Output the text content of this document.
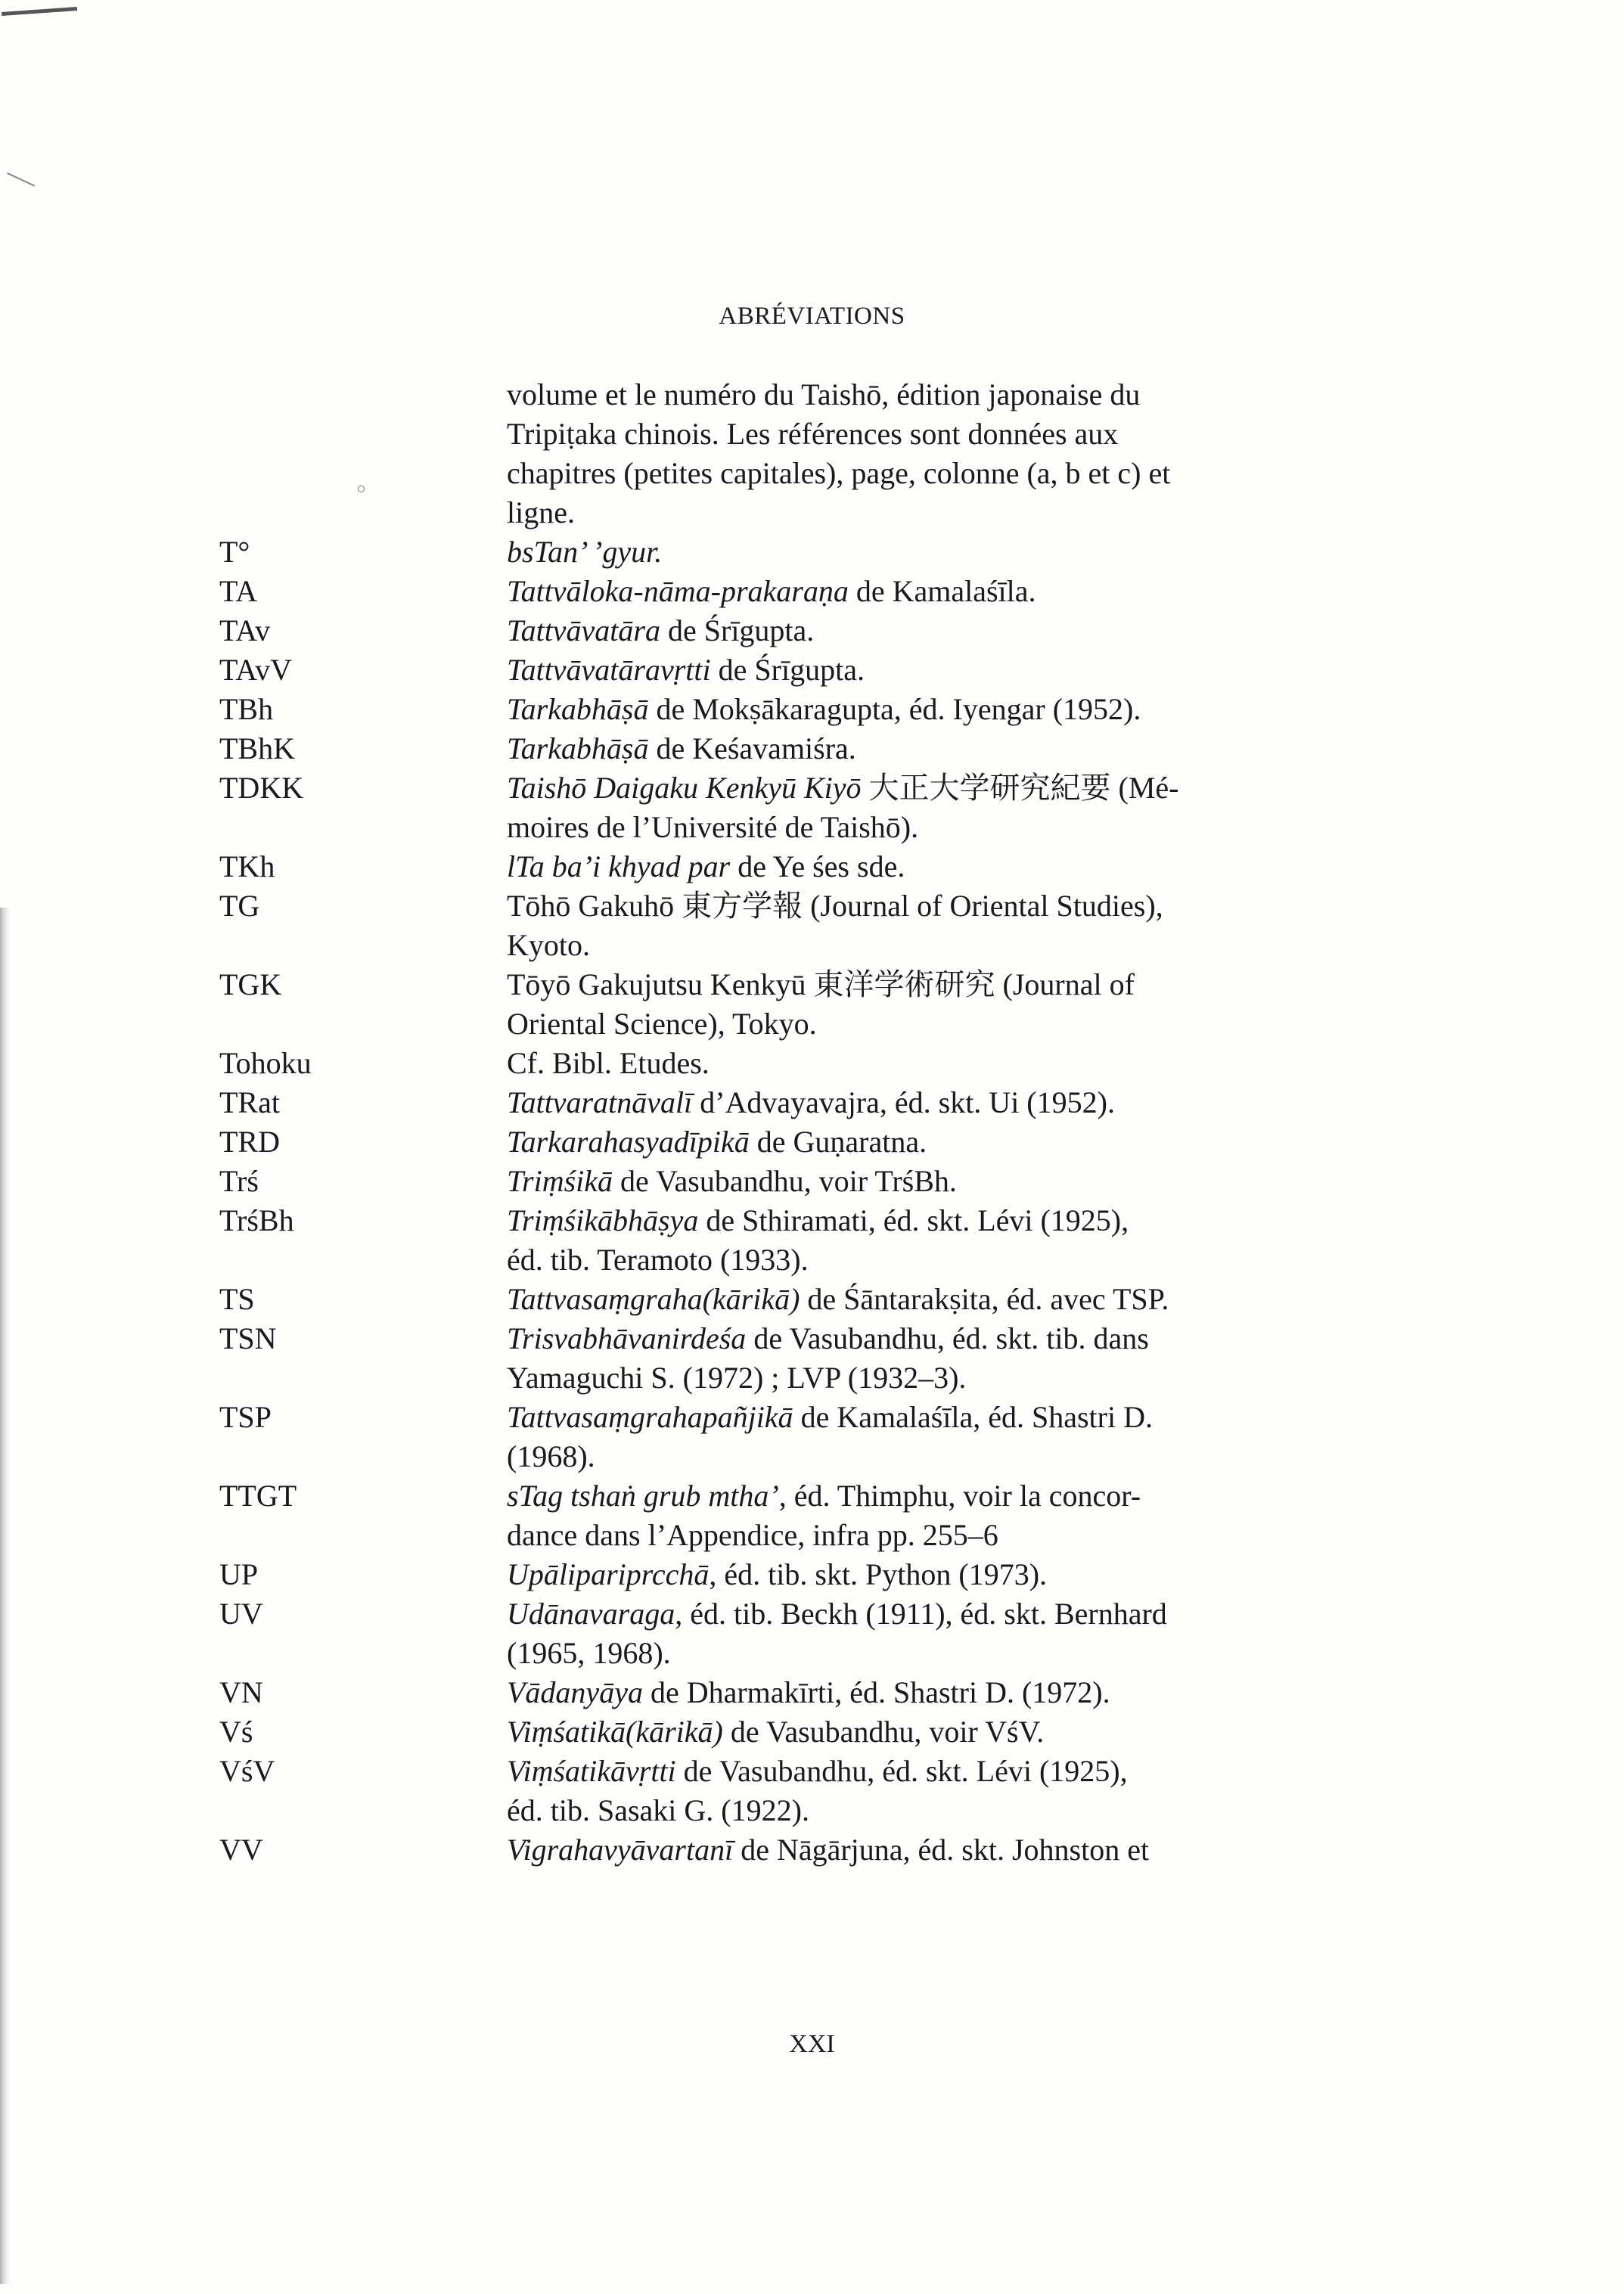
ABRÉVIATIONS
volume et le numéro du Taishō, édition japonaise du
Tripiṭaka chinois. Les références sont données aux
chapitres (petites capitales), page, colonne (a, b et c) et
ligne.
T°	bsTan’ ’gyur.
TA	Tattvāloka-nāma-prakaraṇa de Kamalaśīla.
TAv	Tattvāvatāra de Śrīgupta.
TAvV	Tattvāvatāravṛtti de Śrīgupta.
TBh	Tarkabhāṣā de Mokṣākaragupta, éd. Iyengar (1952).
TBhK	Tarkabhāṣā de Keśavamiśra.
TDKK	Taishō Daigaku Kenkyū Kiyō 大正大学研究紀要 (Mé-
moires de l’Université de Taishō).
TKh	lTa ba’i khyad par de Ye śes sde.
TG	Tōhō Gakuhō 東方学報 (Journal of Oriental Studies),
Kyoto.
TGK	Tōyō Gakujutsu Kenkyū 東洋学術研究 (Journal of
Oriental Science), Tokyo.
Tohoku	Cf. Bibl. Etudes.
TRat	Tattvaratnāvalī d’Advayavajra, éd. skt. Ui (1952).
TRD	Tarkarahasyadīpikā de Guṇaratna.
Trś	Triṃśikā de Vasubandhu, voir TrśBh.
TrśBh	Triṃśikābhāṣya de Sthiramati, éd. skt. Lévi (1925),
éd. tib. Teramoto (1933).
TS	Tattvasaṃgraha(kārikā) de Śāntarakṣita, éd. avec TSP.
TSN	Trisvabhāvanirdeśa de Vasubandhu, éd. skt. tib. dans
Yamaguchi S. (1972) ; LVP (1932–3).
TSP	Tattvasaṃgrahapañjikā de Kamalaśīla, éd. Shastri D.
(1968).
TTGT	sTag tshaṅ grub mtha’, éd. Thimphu, voir la concor-
dance dans l’Appendice, infra pp. 255–6
UP	Upālipariprcchā, éd. tib. skt. Python (1973).
UV	Udānavaraga, éd. tib. Beckh (1911), éd. skt. Bernhard
(1965, 1968).
VN	Vādanyāya de Dharmakīrti, éd. Shastri D. (1972).
Vś	Viṃśatikā(kārikā) de Vasubandhu, voir VśV.
VśV	Viṃśatikāvṛtti de Vasubandhu, éd. skt. Lévi (1925),
éd. tib. Sasaki G. (1922).
VV	Vigrahavyāvartanī de Nāgārjuna, éd. skt. Johnston et
XXI
